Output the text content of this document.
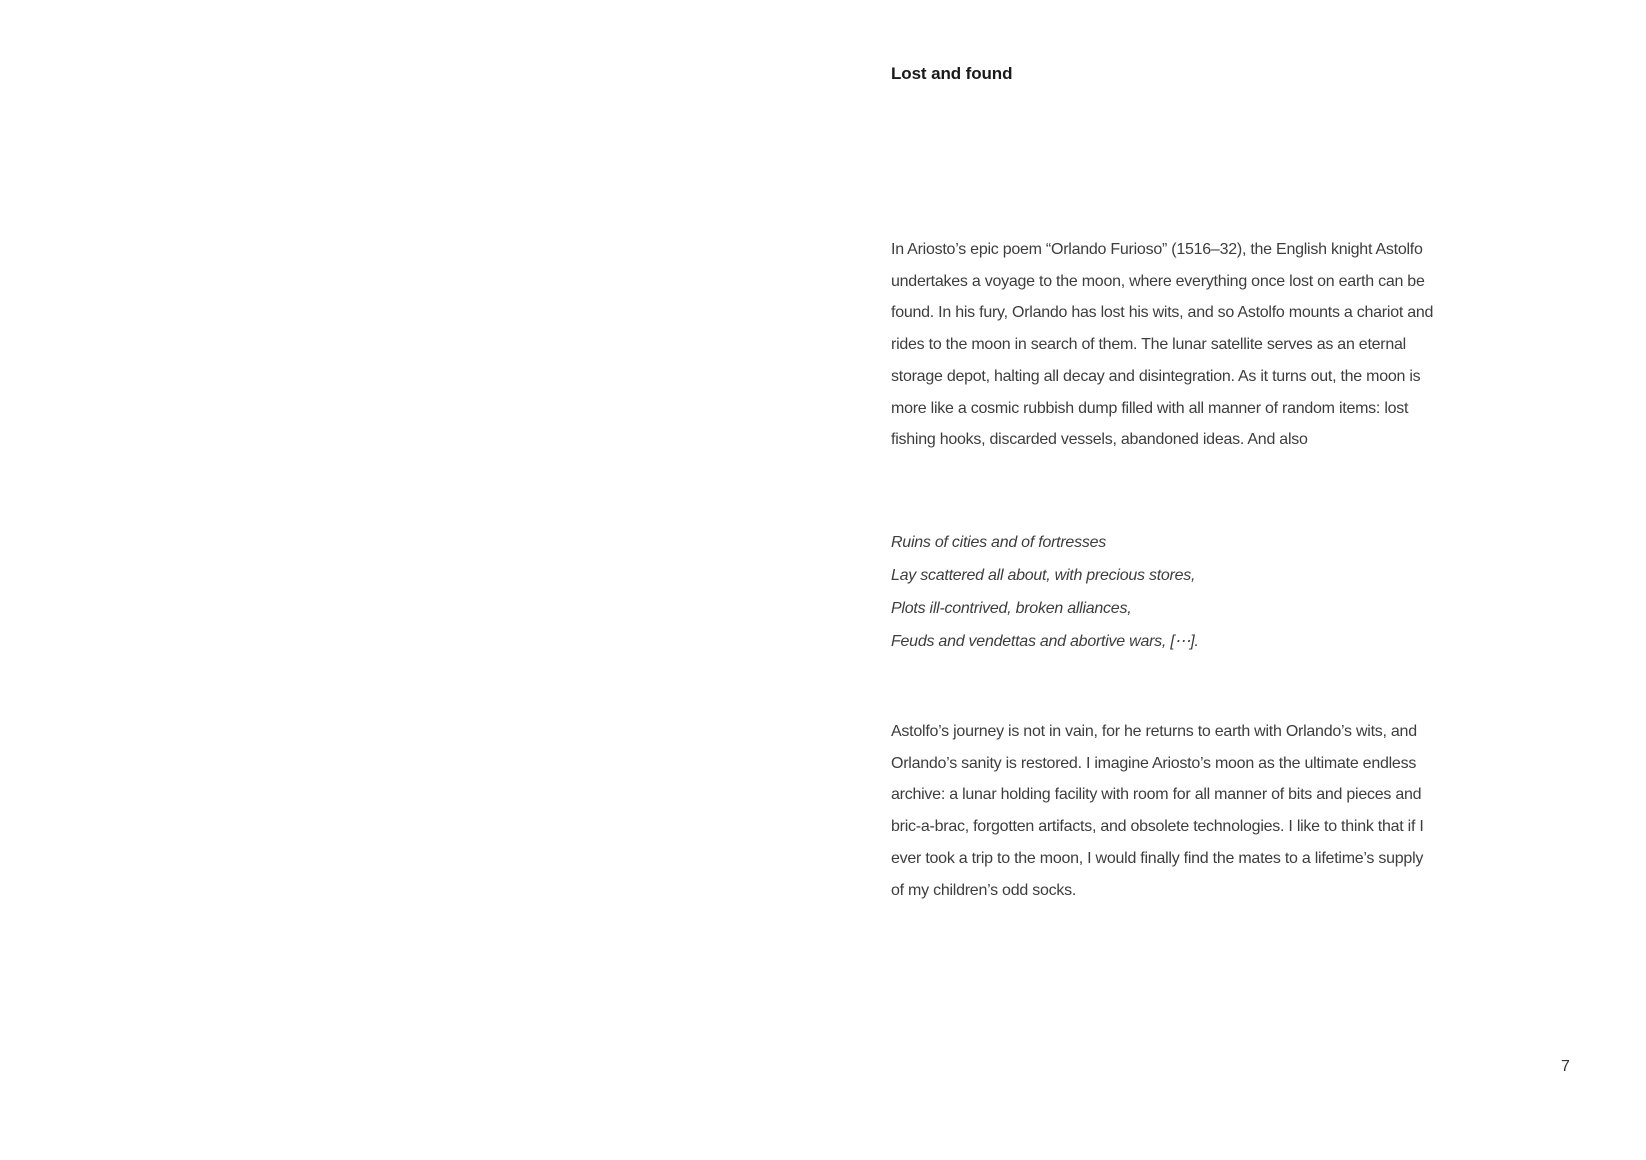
Lost and found
In Ariosto’s epic poem “Orlando Furioso” (1516–32), the English knight Astolfo
undertakes a voyage to the moon, where everything once lost on earth can be
found. In his fury, Orlando has lost his wits, and so Astolfo mounts a chariot and
rides to the moon in search of them. The lunar satellite serves as an eternal
storage depot, halting all decay and disintegration. As it turns out, the moon is
more like a cosmic rubbish dump filled with all manner of random items: lost
fishing hooks, discarded vessels, abandoned ideas. And also
Ruins of cities and of fortresses
Lay scattered all about, with precious stores,
Plots ill-contrived, broken alliances,
Feuds and vendettas and abortive wars, [⋯].
Astolfo’s journey is not in vain, for he returns to earth with Orlando’s wits, and
Orlando’s sanity is restored. I imagine Ariosto’s moon as the ultimate endless
archive: a lunar holding facility with room for all manner of bits and pieces and
bric-a-brac, forgotten artifacts, and obsolete technologies. I like to think that if I
ever took a trip to the moon, I would finally find the mates to a lifetime’s supply
of my children’s odd socks.
7
